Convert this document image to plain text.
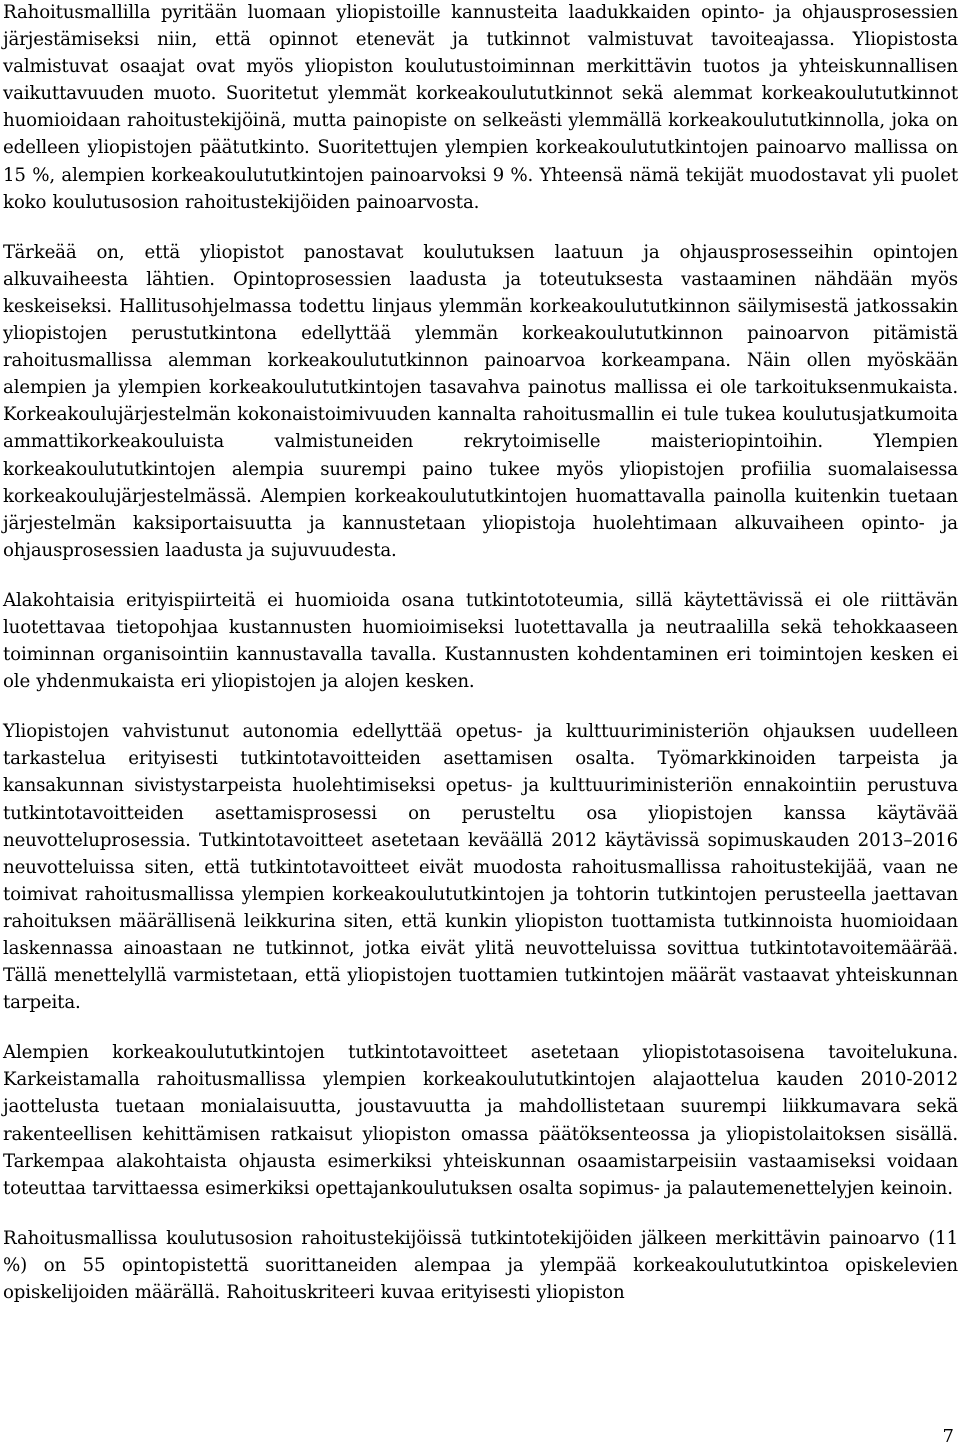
Rahoitusmallilla pyritään luomaan yliopistoille kannusteita laadukkaiden opinto- ja ohjausprosessien järjestämiseksi niin, että opinnot etenevät ja tutkinnot valmistuvat tavoiteajassa. Yliopistosta valmistuvat osaajat ovat myös yliopiston koulutustoiminnan merkittävin tuotos ja yhteiskunnallisen vaikuttavuuden muoto. Suoritetut ylemmät korkeakoulututkinnot sekä alemmat korkeakoulututkinnot huomioidaan rahoitustekijöinä, mutta painopiste on selkeästi ylemmällä korkeakoulututkinnolla, joka on edelleen yliopistojen päätutkinto. Suoritettujen ylempien korkeakoulututkintojen painoarvo mallissa on 15 %, alempien korkeakoulututkintojen painoarvoksi 9 %. Yhteensä nämä tekijät muodostavat yli puolet koko koulutusosion rahoitustekijöiden painoarvosta.

Tärkeää on, että yliopistot panostavat koulutuksen laatuun ja ohjausprosesseihin opintojen alkuvaiheesta lähtien. Opintoprosessien laadusta ja toteutuksesta vastaaminen nähdään myös keskeiseksi. Hallitusohjelmassa todettu linjaus ylemmän korkeakoulututkinnon säilymisestä jatkossakin yliopistojen perustutkintona edellyttää ylemmän korkeakoulututkinnon painoarvon pitämistä rahoitusmallissa alemman korkeakoulututkinnon painoarvoa korkeampana. Näin ollen myöskään alempien ja ylempien korkeakoulututkintojen tasavahva painotus mallissa ei ole tarkoituksenmukaista. Korkeakoulujärjestelmän kokonaistoimivuuden kannalta rahoitusmallin ei tule tukea koulutusjatkumoita ammattikorkeakouluista valmistuneiden rekrytoimiselle maisteriopintoihin. Ylempien korkeakoulututkintojen alempia suurempi paino tukee myös yliopistojen profiilia suomalaisessa korkeakoulujärjestelmässä. Alempien korkeakoulututkintojen huomattavalla painolla kuitenkin tuetaan järjestelmän kaksiportaisuutta ja kannustetaan yliopistoja huolehtimaan alkuvaiheen opinto- ja ohjausprosessien laadusta ja sujuvuudesta.

Alakohtaisia erityispiirteitä ei huomioida osana tutkintototeumia, sillä käytettävissä ei ole riittävän luotettavaa tietopohjaa kustannusten huomioimiseksi luotettavalla ja neutraalilla sekä tehokkaaseen toiminnan organisointiin kannustavalla tavalla. Kustannusten kohdentaminen eri toimintojen kesken ei ole yhdenmukaista eri yliopistojen ja alojen kesken.

Yliopistojen vahvistunut autonomia edellyttää opetus- ja kulttuuriministeriön ohjauksen uudelleen tarkastelua erityisesti tutkintotavoitteiden asettamisen osalta. Työmarkkinoiden tarpeista ja kansakunnan sivistystarpeista huolehtimiseksi opetus- ja kulttuuriministeriön ennakointiin perustuva tutkintotavoitteiden asettamisprosessi on perusteltu osa yliopistojen kanssa käytävää neuvotteluprosessia. Tutkintotavoitteet asetetaan keväällä 2012 käytävissä sopimuskauden 2013–2016 neuvotteluissa siten, että tutkintotavoitteet eivät muodosta rahoitusmallissa rahoitustekijää, vaan ne toimivat rahoitusmallissa ylempien korkeakoulututkintojen ja tohtorin tutkintojen perusteella jaettavan rahoituksen määrällisenä leikkurina siten, että kunkin yliopiston tuottamista tutkinnoista huomioidaan laskennassa ainoastaan ne tutkinnot, jotka eivät ylitä neuvotteluissa sovittua tutkintotavoitemäärää. Tällä menettelyllä varmistetaan, että yliopistojen tuottamien tutkintojen määrät vastaavat yhteiskunnan tarpeita.

Alempien korkeakoulututkintojen tutkintotavoitteet asetetaan yliopistotasoisena tavoitelukuna. Karkeistamalla rahoitusmallissa ylempien korkeakoulututkintojen alajaottelua kauden 2010-2012 jaottelusta tuetaan monialaisuutta, joustavuutta ja mahdollistetaan suurempi liikkumavara sekä rakenteellisen kehittämisen ratkaisut yliopiston omassa päätöksenteossa ja yliopistolaitoksen sisällä. Tarkempaa alakohtaista ohjausta esimerkiksi yhteiskunnan osaamistarpeisiin vastaamiseksi voidaan toteuttaa tarvittaessa esimerkiksi opettajankoulutuksen osalta sopimus- ja palautemenettelyjen keinoin.

Rahoitusmallissa koulutusosion rahoitustekijöissä tutkintotekijöiden jälkeen merkittävin painoarvo (11 %) on 55 opintopistettä suorittaneiden alempaa ja ylempää korkeakoulututkintoa opiskelevien opiskelijoiden määrällä. Rahoituskriteeri kuvaa erityisesti yliopiston

7
